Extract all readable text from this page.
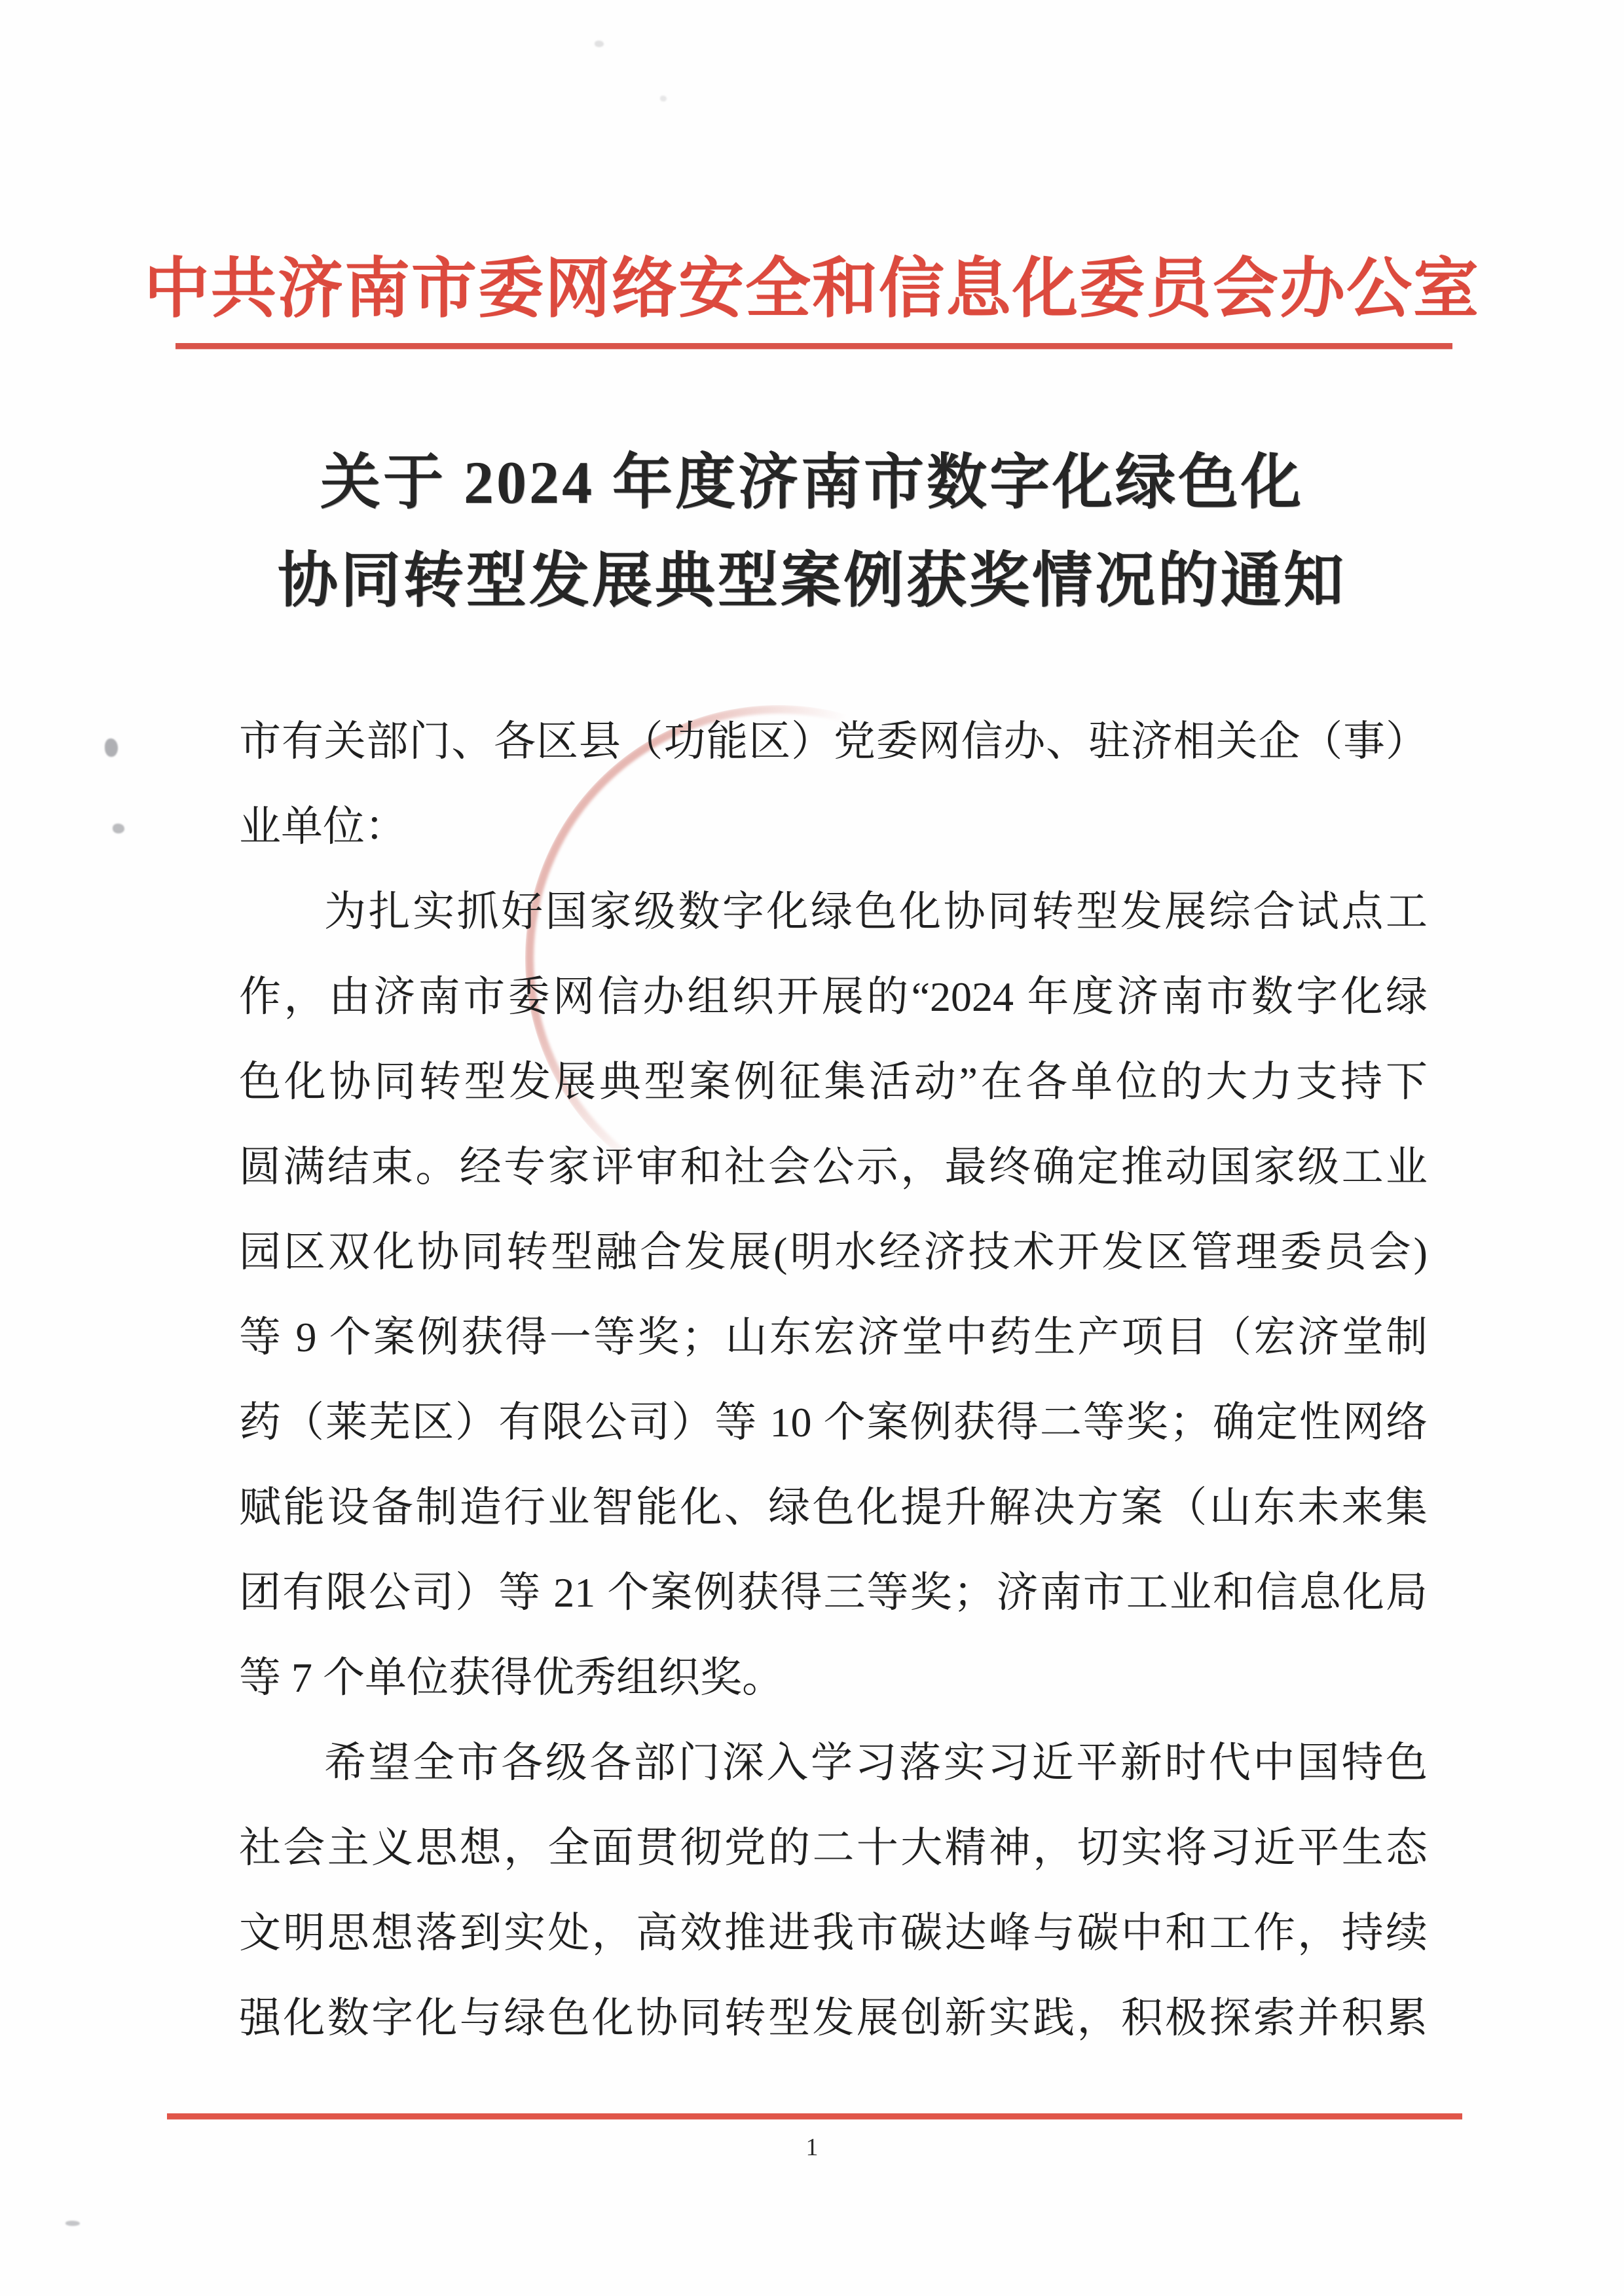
中共济南市委网络安全和信息化委员会办公室
关于 2024 年度济南市数字化绿色化
协同转型发展典型案例获奖情况的通知
市有关部门、各区县（功能区）党委网信办、驻济相关企（事）
业单位：
为扎实抓好国家级数字化绿色化协同转型发展综合试点工
作，由济南市委网信办组织开展的“2024 年度济南市数字化绿
色化协同转型发展典型案例征集活动”在各单位的大力支持下
圆满结束。经专家评审和社会公示，最终确定推动国家级工业
园区双化协同转型融合发展(明水经济技术开发区管理委员会)
等 9 个案例获得一等奖；山东宏济堂中药生产项目（宏济堂制
药（莱芜区）有限公司）等 10 个案例获得二等奖；确定性网络
赋能设备制造行业智能化、绿色化提升解决方案（山东未来集
团有限公司）等 21 个案例获得三等奖；济南市工业和信息化局
等 7 个单位获得优秀组织奖。
希望全市各级各部门深入学习落实习近平新时代中国特色
社会主义思想，全面贯彻党的二十大精神，切实将习近平生态
文明思想落到实处，高效推进我市碳达峰与碳中和工作，持续
强化数字化与绿色化协同转型发展创新实践，积极探索并积累
1
